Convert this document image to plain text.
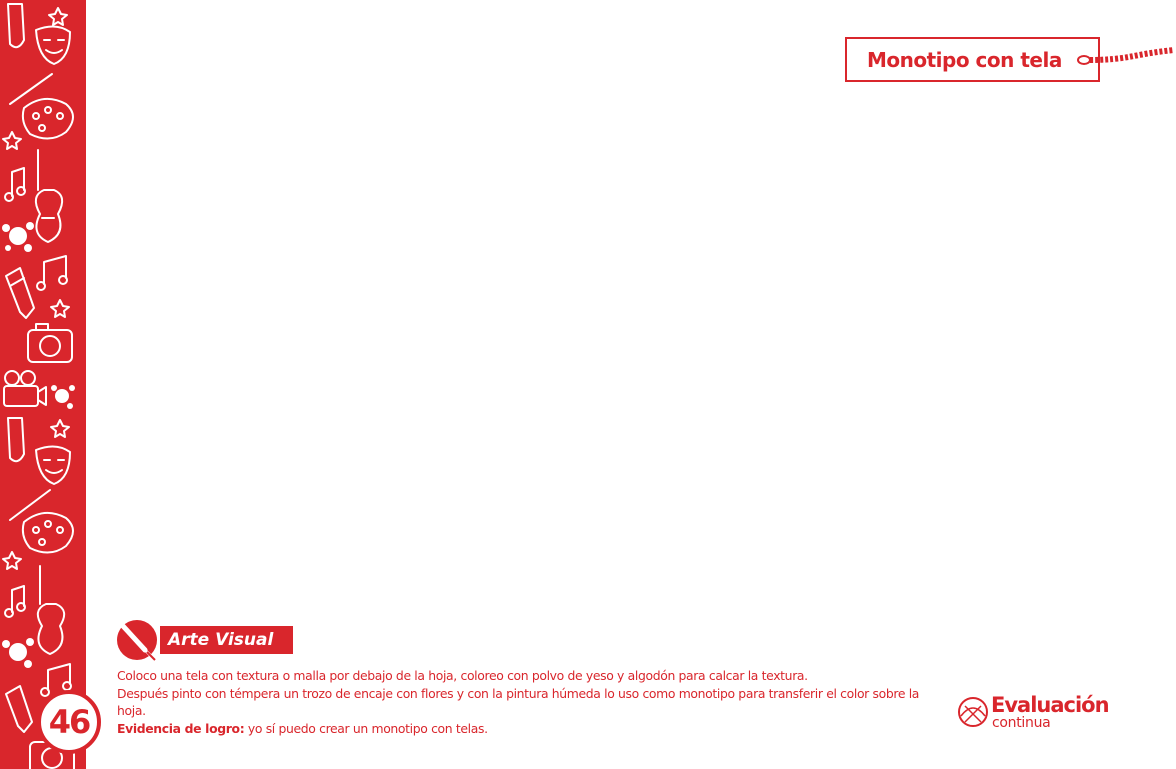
46
Monotipo con tela
Arte Visual

Coloco una tela con textura o malla por debajo de la hoja, coloreo con polvo de yeso y algodón para calcar la textura.

Después pinto con témpera un trozo de encaje con flores y con la pintura húmeda lo uso como monotipo para transferir el color sobre la hoja.

Evidencia de logro: yo sí puedo crear un monotipo con telas.

Evaluación
continua
